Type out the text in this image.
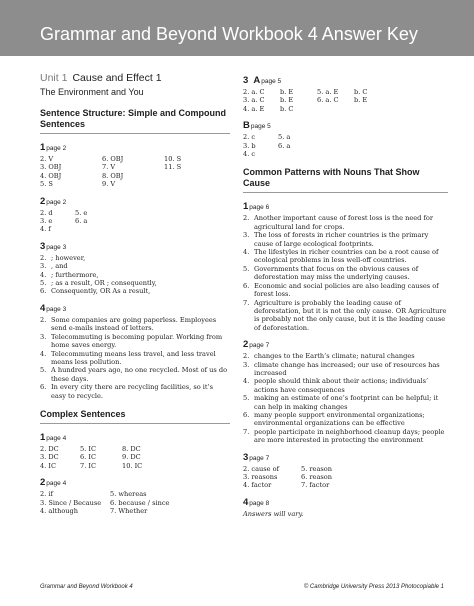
Grammar and Beyond Workbook 4 Answer Key
Unit 1 Cause and Effect 1
The Environment and You
Sentence Structure: Simple and Compound Sentences
1page 2
2. V	6. OBJ	10. S
3. OBJ	7. V	11. S
4. OBJ	8. OBJ
5. S	9. V
2page 2
2. d	5. e
3. e	6. a
4. f
3page 3
2. ; however,
3. , and
4. ; furthermore,
5. ; as a result, OR ; consequently,
6. Consequently, OR As a result,
4page 3
2. Some companies are going paperless. Employees send e-mails instead of letters.
3. Telecommuting is becoming popular. Working from home saves energy.
4. Telecommuting means less travel, and less travel means less pollution.
5. A hundred years ago, no one recycled. Most of us do these days.
6. In every city there are recycling facilities, so it’s easy to recycle.
Complex Sentences
1page 4
2. DC	5. IC	8. DC
3. DC	6. IC	9. DC
4. IC	7. IC	10. IC
2page 4
2. if	5. whereas
3. Since / Because	6. because / since
4. although	7. Whether
3 Apage 5
2. a. C	b. E	5. a. E	b. C
3. a. C	b. E	6. a. C	b. E
4. a. E	b. C
Bpage 5
2. c	5. a
3. b	6. a
4. c
Common Patterns with Nouns That Show Cause
1page 6
2. Another important cause of forest loss is the need for agricultural land for crops.
3. The loss of forests in richer countries is the primary cause of large ecological footprints.
4. The lifestyles in richer countries can be a root cause of ecological problems in less well-off countries.
5. Governments that focus on the obvious causes of deforestation may miss the underlying causes.
6. Economic and social policies are also leading causes of forest loss.
7. Agriculture is probably the leading cause of deforestation, but it is not the only cause. OR Agriculture is probably not the only cause, but it is the leading cause of deforestation.
2page 7
2. changes to the Earth’s climate; natural changes
3. climate change has increased; our use of resources has increased
4. people should think about their actions; individuals’ actions have consequences
5. making an estimate of one’s footprint can be helpful; it can help in making changes
6. many people support environmental organizations; environmental organizations can be effective
7. people participate in neighborhood cleanup days; people are more interested in protecting the environment
3page 7
2. cause of	5. reason
3. reasons	6. reason
4. factor	7. factor
4page 8
Answers will vary.
Grammar and Beyond Workbook 4	© Cambridge University Press 2013 Photocopiable 1
